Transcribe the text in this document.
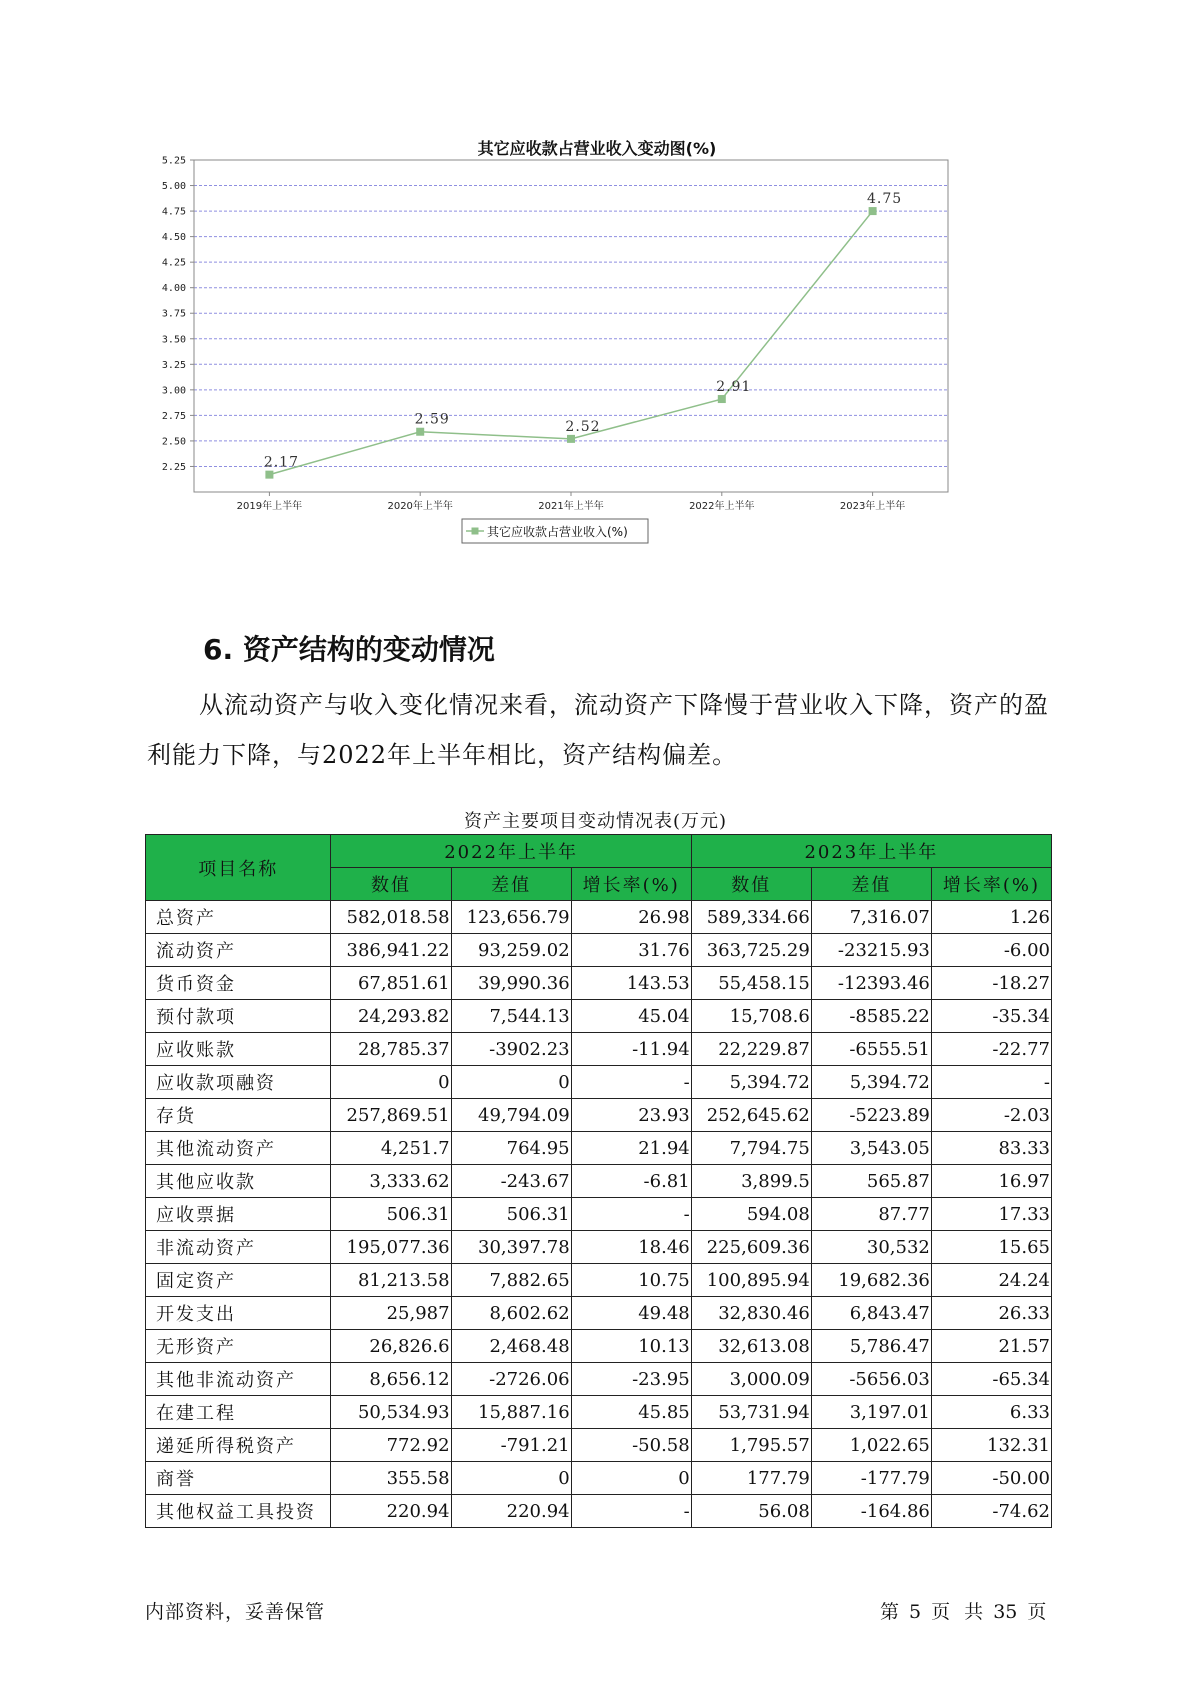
其它应收款占营业收入变动图(%)
2.25
2.50
2.75
3.00
3.25
3.50
3.75
4.00
4.25
4.50
4.75
5.00
5.25
2019年上半年	2020年上半年	2021年上半年	2022年上半年	2023年上半年
2.17
2.59	2.52
2.91
4.75
其它应收款占营业收入(%)
6. 资产结构的变动情况

从流动资产与收入变化情况来看，流动资产下降慢于营业收入下降，资产的盈利能力下降，与2022年上半年相比，资产结构偏差。

资产主要项目变动情况表(万元)
项目名称	2022年上半年			2023年上半年		
	数值	差值	增长率(%)	数值	差值	增长率(%)
总资产	582,018.58	123,656.79	26.98	589,334.66	7,316.07	1.26
流动资产	386,941.22	93,259.02	31.76	363,725.29	-23215.93	-6.00
货币资金	67,851.61	39,990.36	143.53	55,458.15	-12393.46	-18.27
预付款项	24,293.82	7,544.13	45.04	15,708.6	-8585.22	-35.34
应收账款	28,785.37	-3902.23	-11.94	22,229.87	-6555.51	-22.77
应收款项融资	0	0	-	5,394.72	5,394.72	-
存货	257,869.51	49,794.09	23.93	252,645.62	-5223.89	-2.03
其他流动资产	4,251.7	764.95	21.94	7,794.75	3,543.05	83.33
其他应收款	3,333.62	-243.67	-6.81	3,899.5	565.87	16.97
应收票据	506.31	506.31	-	594.08	87.77	17.33
非流动资产	195,077.36	30,397.78	18.46	225,609.36	30,532	15.65
固定资产	81,213.58	7,882.65	10.75	100,895.94	19,682.36	24.24
开发支出	25,987	8,602.62	49.48	32,830.46	6,843.47	26.33
无形资产	26,826.6	2,468.48	10.13	32,613.08	5,786.47	21.57
其他非流动资产	8,656.12	-2726.06	-23.95	3,000.09	-5656.03	-65.34
在建工程	50,534.93	15,887.16	45.85	53,731.94	3,197.01	6.33
递延所得税资产	772.92	-791.21	-50.58	1,795.57	1,022.65	132.31
商誉	355.58	0	0	177.79	-177.79	-50.00
其他权益工具投资	220.94	220.94	-	56.08	-164.86	-74.62
内部资料，妥善保管	第 5 页 共 35 页
